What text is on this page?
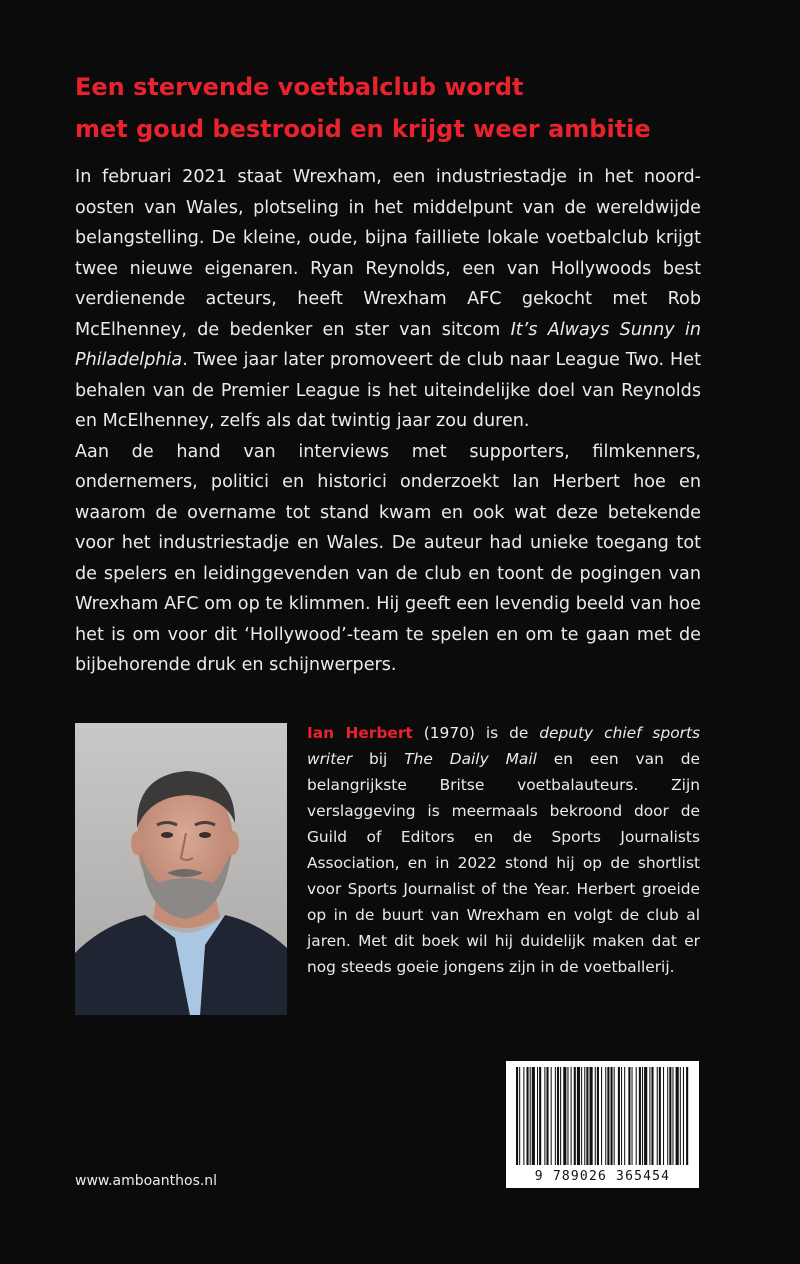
Een stervende voetbalclub wordt
met goud bestrooid en krijgt weer ambitie

In februari 2021 staat Wrexham, een industriestadje in het noord-oosten van Wales, plotseling in het middelpunt van de wereldwijde belangstelling. De kleine, oude, bijna failliete lokale voetbalclub krijgt twee nieuwe eigenaren. Ryan Reynolds, een van Hollywoods best verdienende acteurs, heeft Wrexham AFC gekocht met Rob McElhenney, de bedenker en ster van sitcom It’s Always Sunny in Philadelphia. Twee jaar later promoveert de club naar League Two. Het behalen van de Premier League is het uiteindelijke doel van Reynolds en McElhenney, zelfs als dat twintig jaar zou duren.

Aan de hand van interviews met supporters, filmkenners, ondernemers, politici en historici onderzoekt Ian Herbert hoe en waarom de overname tot stand kwam en ook wat deze betekende voor het industriestadje en Wales. De auteur had unieke toegang tot de spelers en leidinggevenden van de club en toont de pogingen van Wrexham AFC om op te klimmen. Hij geeft een levendig beeld van hoe het is om voor dit ‘Hollywood’-team te spelen en om te gaan met de bijbehorende druk en schijnwerpers.

Ian Herbert (1970) is de deputy chief sports writer bij The Daily Mail en een van de belangrijkste Britse voetbalauteurs. Zijn verslaggeving is meermaals bekroond door de Guild of Editors en de Sports Journalists Association, en in 2022 stond hij op de shortlist voor Sports Journalist of the Year. Herbert groeide op in de buurt van Wrexham en volgt de club al jaren. Met dit boek wil hij duidelijk maken dat er nog steeds goeie jongens zijn in de voetballerij.
9 789026 365454
www.amboanthos.nl
